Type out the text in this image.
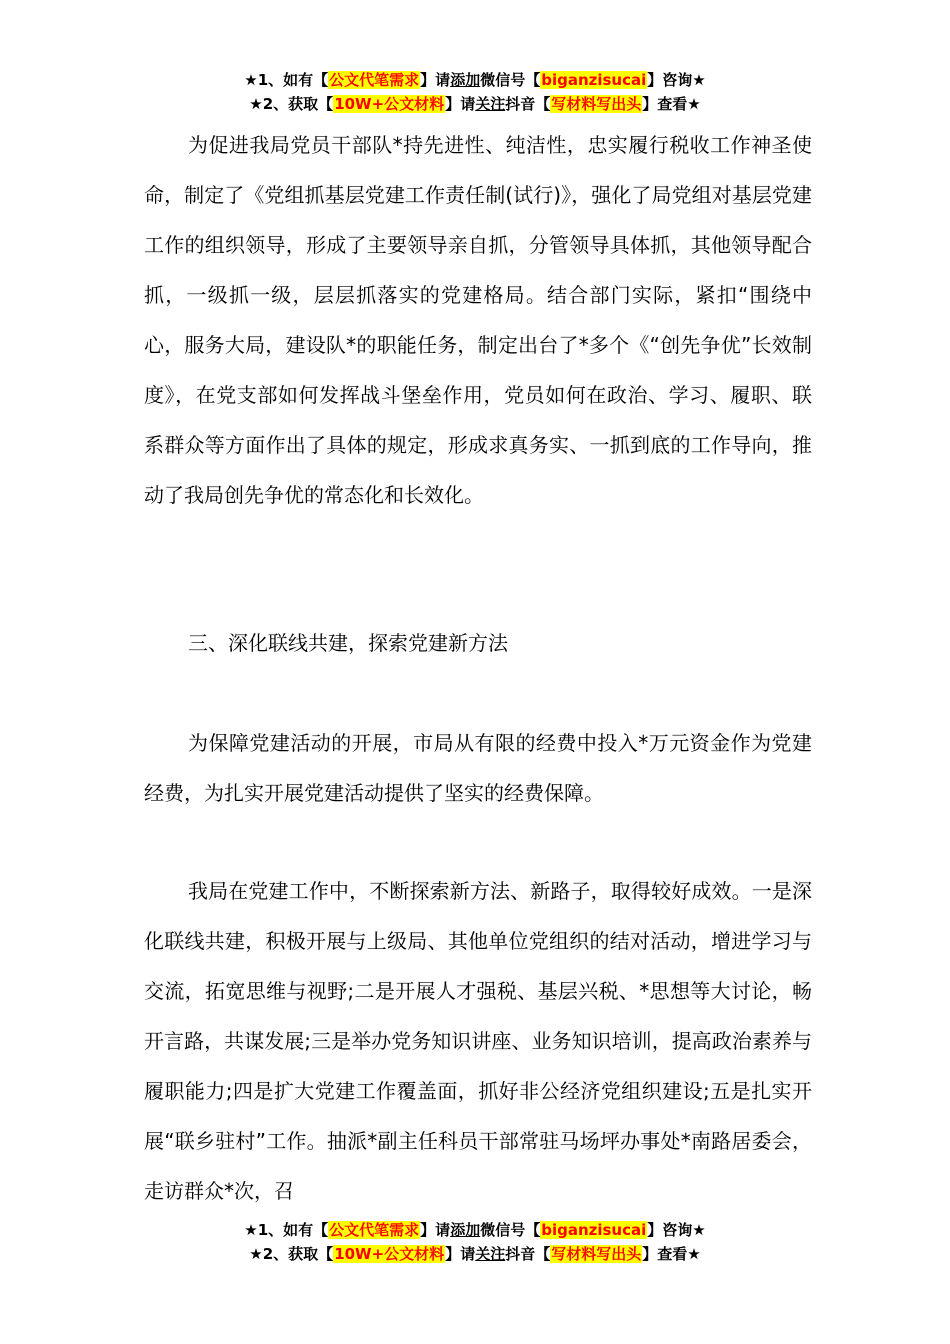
★1、如有【公文代笔需求】请添加微信号【biganzisucai】咨询★
★2、获取【10W+公文材料】请关注抖音【写材料写出头】查看★

为促进我局党员干部队*持先进性、纯洁性，忠实履行税收工作神圣使命，制定了《党组抓基层党建工作责任制(试行)》，强化了局党组对基层党建工作的组织领导，形成了主要领导亲自抓，分管领导具体抓，其他领导配合抓，一级抓一级，层层抓落实的党建格局。结合部门实际，紧扣“围绕中心，服务大局，建设队*的职能任务，制定出台了*多个《“创先争优”长效制度》，在党支部如何发挥战斗堡垒作用，党员如何在政治、学习、履职、联系群众等方面作出了具体的规定，形成求真务实、一抓到底的工作导向，推动了我局创先争优的常态化和长效化。

三、深化联线共建，探索党建新方法

为保障党建活动的开展，市局从有限的经费中投入*万元资金作为党建经费，为扎实开展党建活动提供了坚实的经费保障。

我局在党建工作中，不断探索新方法、新路子，取得较好成效。一是深化联线共建，积极开展与上级局、其他单位党组织的结对活动，增进学习与交流，拓宽思维与视野;二是开展人才强税、基层兴税、*思想等大讨论，畅开言路，共谋发展;三是举办党务知识讲座、业务知识培训，提高政治素养与履职能力;四是扩大党建工作覆盖面，抓好非公经济党组织建设;五是扎实开展“联乡驻村”工作。抽派*副主任科员干部常驻马场坪办事处*南路居委会，走访群众*次，召

★1、如有【公文代笔需求】请添加微信号【biganzisucai】咨询★
★2、获取【10W+公文材料】请关注抖音【写材料写出头】查看★
